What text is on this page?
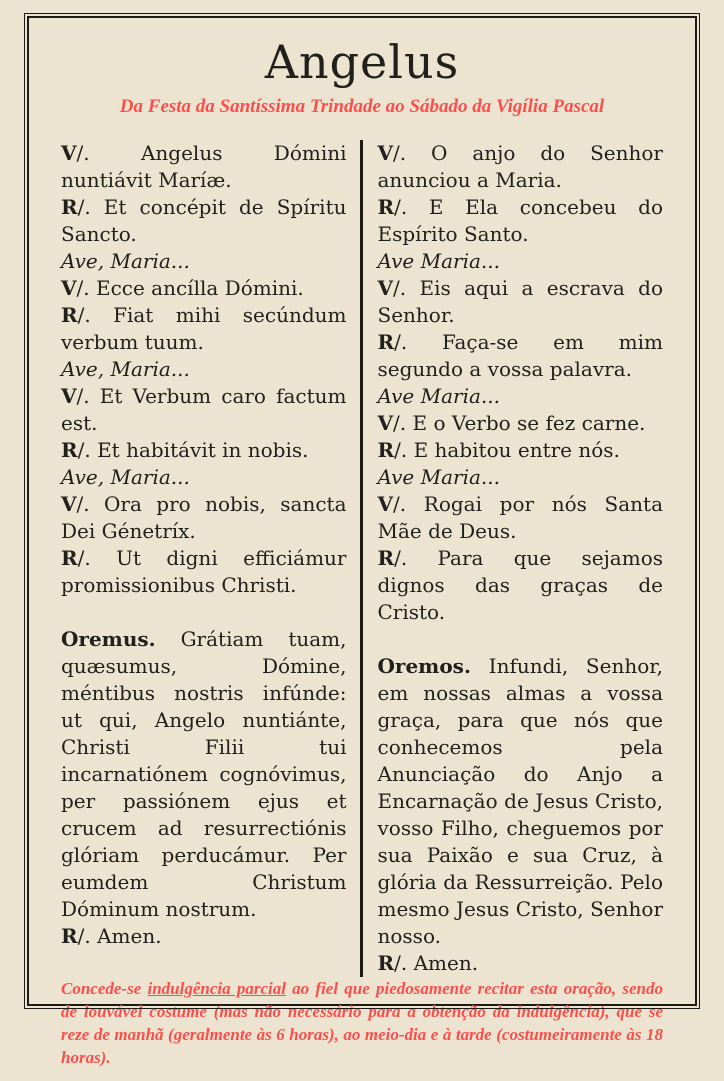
Angelus

Da Festa da Santíssima Trindade ao Sábado da Vigília Pascal

V/. Angelus Dómini nuntiávit Maríæ.

R/. Et concépit de Spíritu Sancto.

Ave, Maria...

V/. Ecce ancílla Dómini.

R/. Fiat mihi secúndum verbum tuum.

Ave, Maria...

V/. Et Verbum caro factum est.

R/. Et habitávit in nobis.

Ave, Maria...

V/. Ora pro nobis, sancta Dei Génetríx.

R/. Ut digni efficiámur promissionibus Christi.

Oremus. Grátiam tuam, quæsumus, Dómine, méntibus nostris infúnde: ut qui, Angelo nuntiánte, Christi Filii tui incarnatiónem cognóvimus, per passiónem ejus et crucem ad resurrectiónis glóriam perducámur. Per eumdem Christum Dóminum nostrum.

R/. Amen.

V/. O anjo do Senhor anunciou a Maria.

R/. E Ela concebeu do Espírito Santo.

Ave Maria...

V/. Eis aqui a escrava do Senhor.

R/. Faça-se em mim segundo a vossa palavra.

Ave Maria...

V/. E o Verbo se fez carne.

R/. E habitou entre nós.

Ave Maria...

V/. Rogai por nós Santa Mãe de Deus.

R/. Para que sejamos dignos das graças de Cristo.

Oremos. Infundi, Senhor, em nossas almas a vossa graça, para que nós que conhecemos pela Anunciação do Anjo a Encarnação de Jesus Cristo, vosso Filho, cheguemos por sua Paixão e sua Cruz, à glória da Ressurreição. Pelo mesmo Jesus Cristo, Senhor nosso.

R/. Amen.

Concede-se indulgência parcial ao fiel que piedosamente recitar esta oração, sendo de louvável costume (mas não necessário para a obtenção da indulgência), que se reze de manhã (geralmente às 6 horas), ao meio-dia e à tarde (costumeiramente às 18 horas).
